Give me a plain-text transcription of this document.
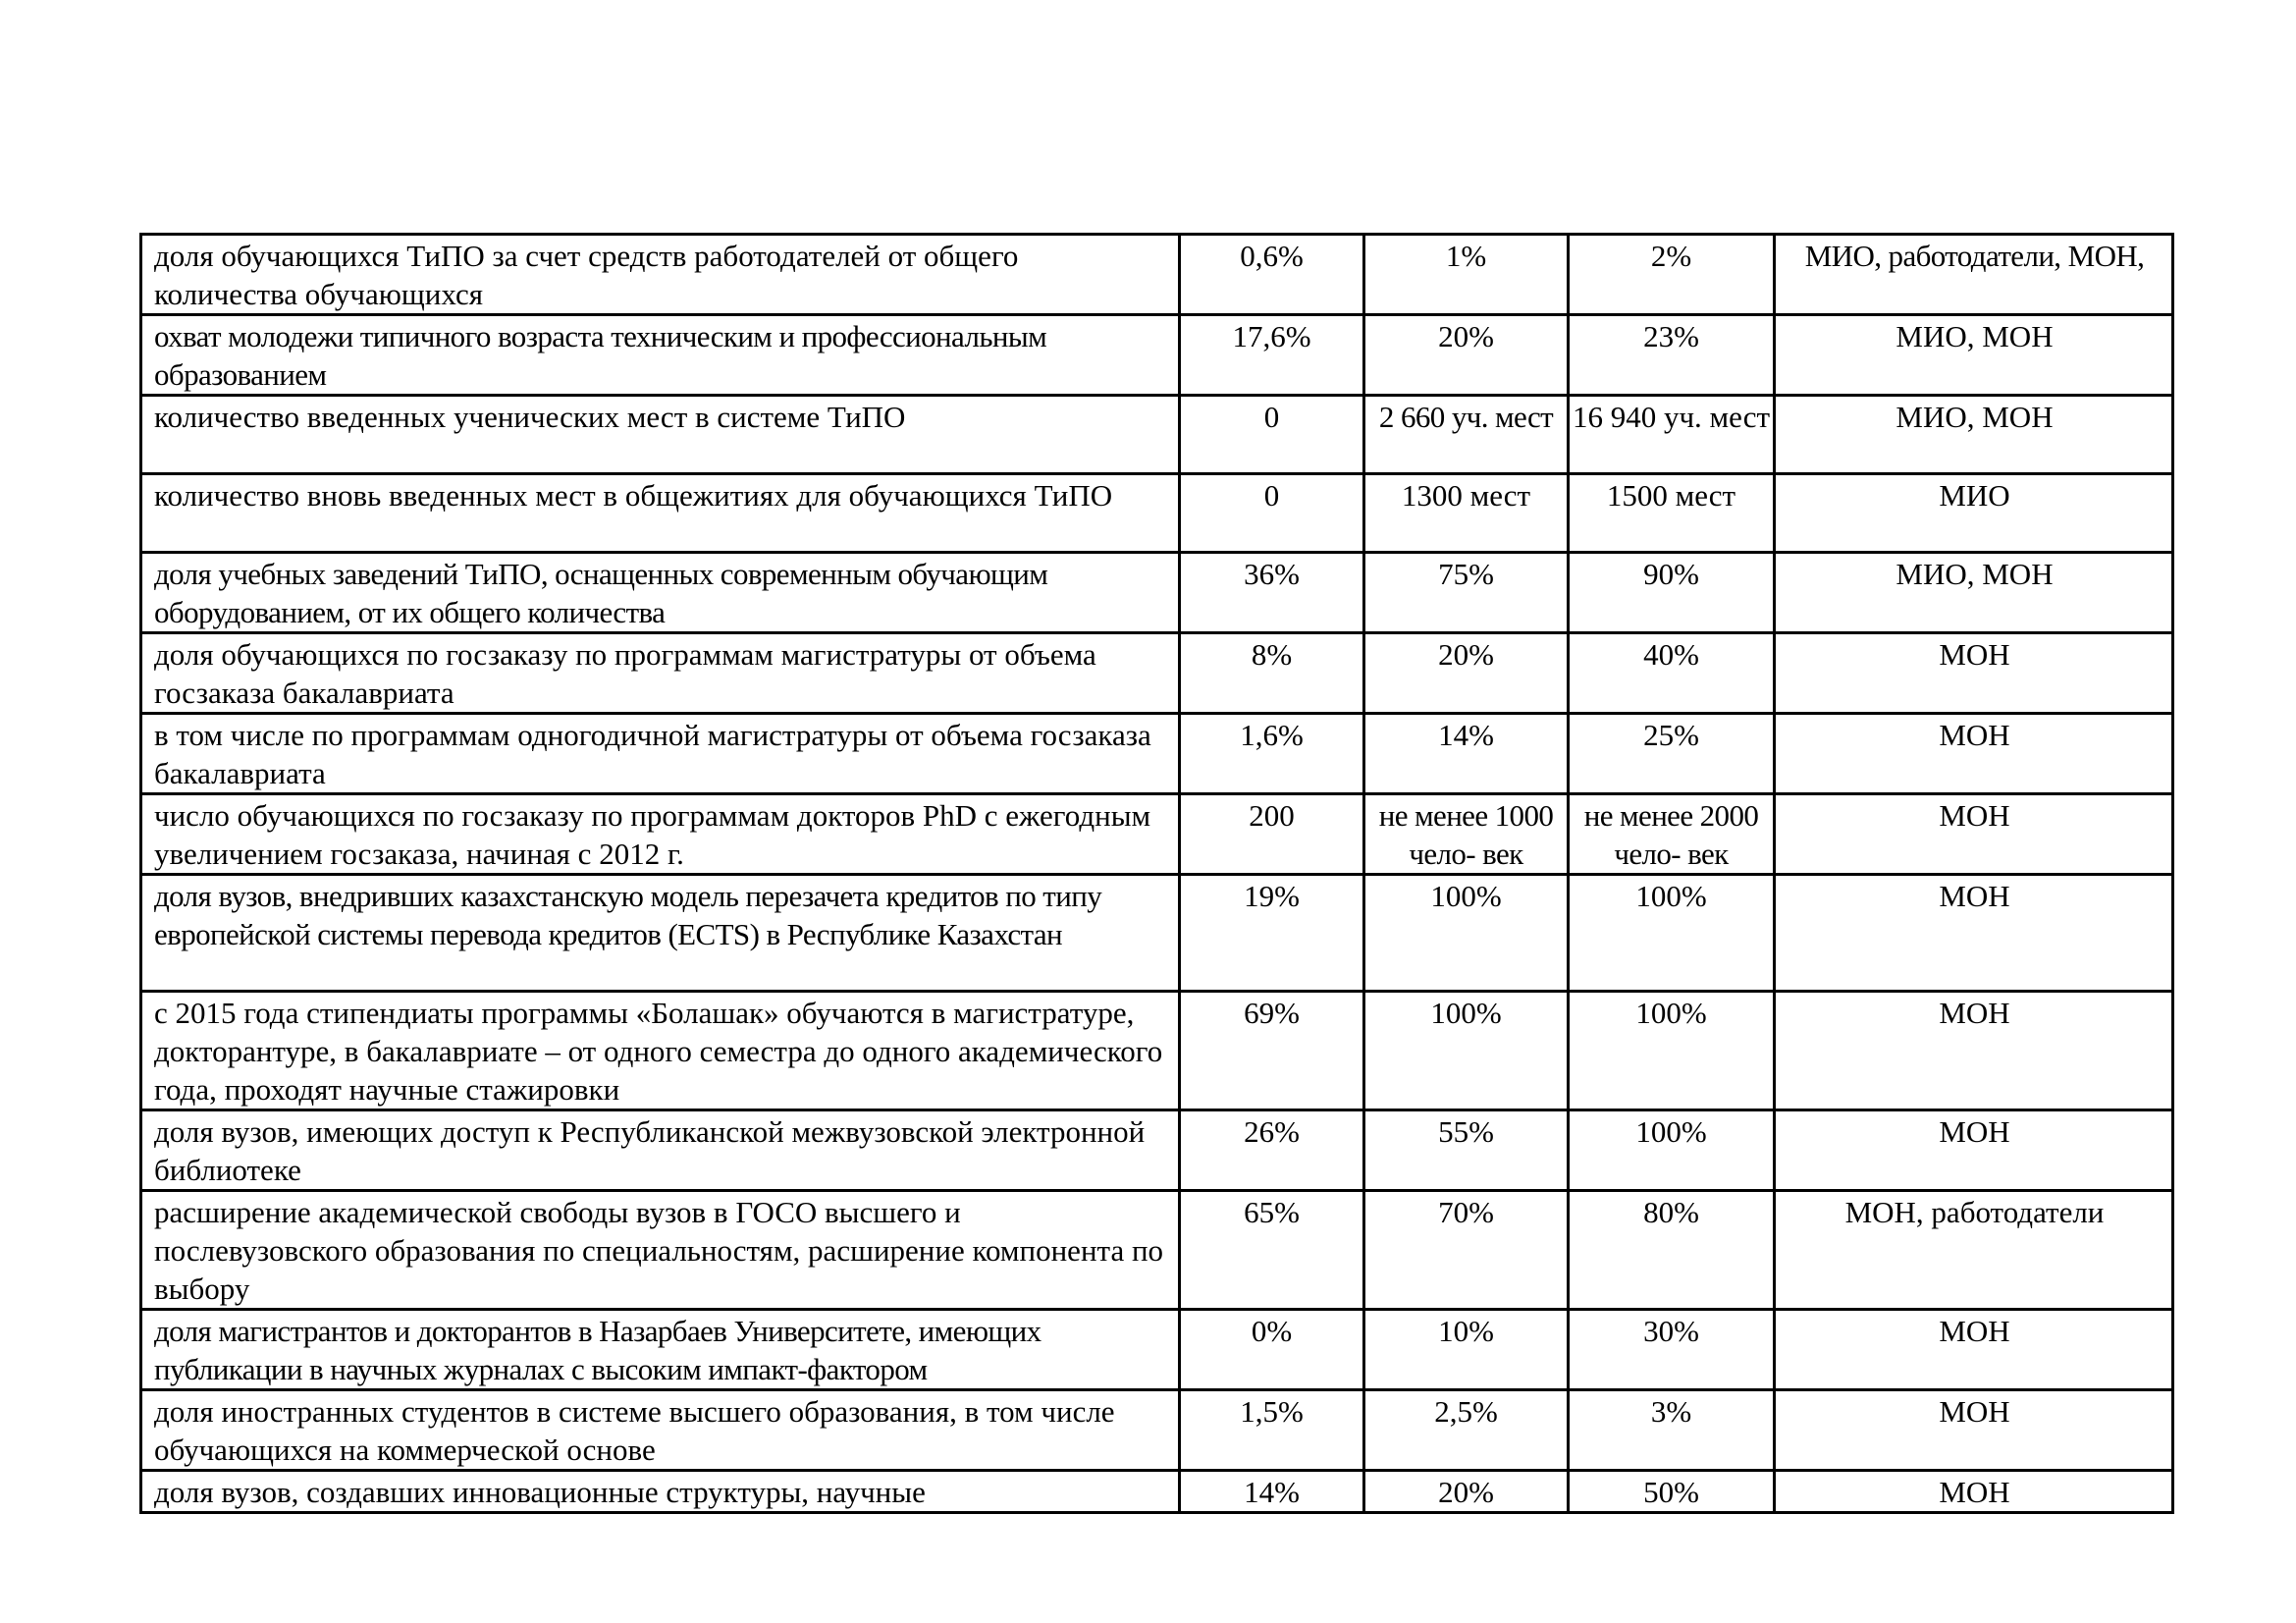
доля обучающихся ТиПО за счет средств работодателей от общего количества обучающихся	0,6%	1%	2%	МИО, работодатели, МОН,
охват молодежи типичного возраста техническим и профессиональным образованием	17,6%	20%	23%	МИО, МОН
количество введенных ученических мест в системе ТиПО	0	2 660 уч. мест	16 940 уч. мест	МИО, МОН
количество вновь введенных мест в общежитиях для обучающихся ТиПО	0	1300 мест	1500 мест	МИО
доля учебных заведений ТиПО, оснащенных современным обучающим оборудованием, от их общего количества	36%	75%	90%	МИО, МОН
доля обучающихся по госзаказу по программам магистратуры от объема госзаказа бакалавриата	8%	20%	40%	МОН
в том числе по программам одногодичной магистратуры от объема госзаказа бакалавриата	1,6%	14%	25%	МОН
число обучающихся по госзаказу по программам докторов PhD с ежегодным увеличением госзаказа, начиная с 2012 г.	200	не менее 1000 чело- век	не менее 2000 чело- век	МОН
доля вузов, внедривших казахстанскую модель перезачета кредитов по типу европейской системы перевода кредитов (ECTS) в Республике Казахстан	19%	100%	100%	МОН
с 2015 года стипендиаты программы «Болашак» обучаются в магистратуре, докторантуре, в бакалавриате – от одного семестра до одного академического года, проходят научные стажировки	69%	100%	100%	МОН
доля вузов, имеющих доступ к Республиканской межвузовской электронной библиотеке	26%	55%	100%	МОН
расширение академической свободы вузов в ГОСО высшего и послевузовского образования по специальностям, расширение компонента по выбору	65%	70%	80%	МОН, работодатели
доля магистрантов и докторантов в Назарбаев Университете, имеющих публикации в научных журналах с высоким импакт-фактором	0%	10%	30%	МОН
доля иностранных студентов в системе высшего образования, в том числе обучающихся на коммерческой основе	1,5%	2,5%	3%	МОН
доля вузов, создавших инновационные структуры, научные	14%	20%	50%	МОН
